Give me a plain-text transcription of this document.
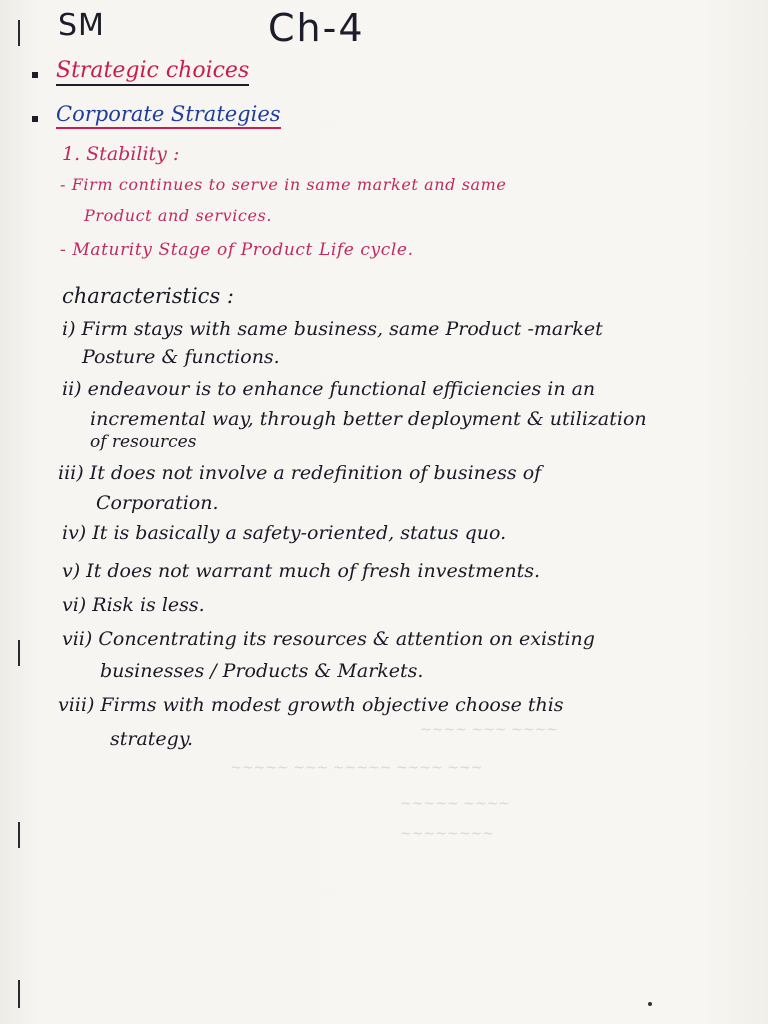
~~~~ ~~~ ~~~~
~~~~~ ~~~ ~~~~~ ~~~~ ~~~
~~~~~ ~~~~
~~~~~~~~
SM	Ch-4
Strategic choices
Corporate Strategies
1. Stability :
- Firm continues to serve in same market and same
Product and services.
- Maturity Stage of Product Life cycle.
characteristics :
i) Firm stays with same business, same Product -market
Posture & functions.
ii) endeavour is to enhance functional efficiencies in an
incremental way, through better deployment & utilization
of resources
iii) It does not involve a redefinition of business of
Corporation.
iv) It is basically a safety-oriented, status quo.
v) It does not warrant much of fresh investments.
vi) Risk is less.
vii) Concentrating its resources & attention on existing
businesses / Products & Markets.
viii) Firms with modest growth objective choose this
strategy.
